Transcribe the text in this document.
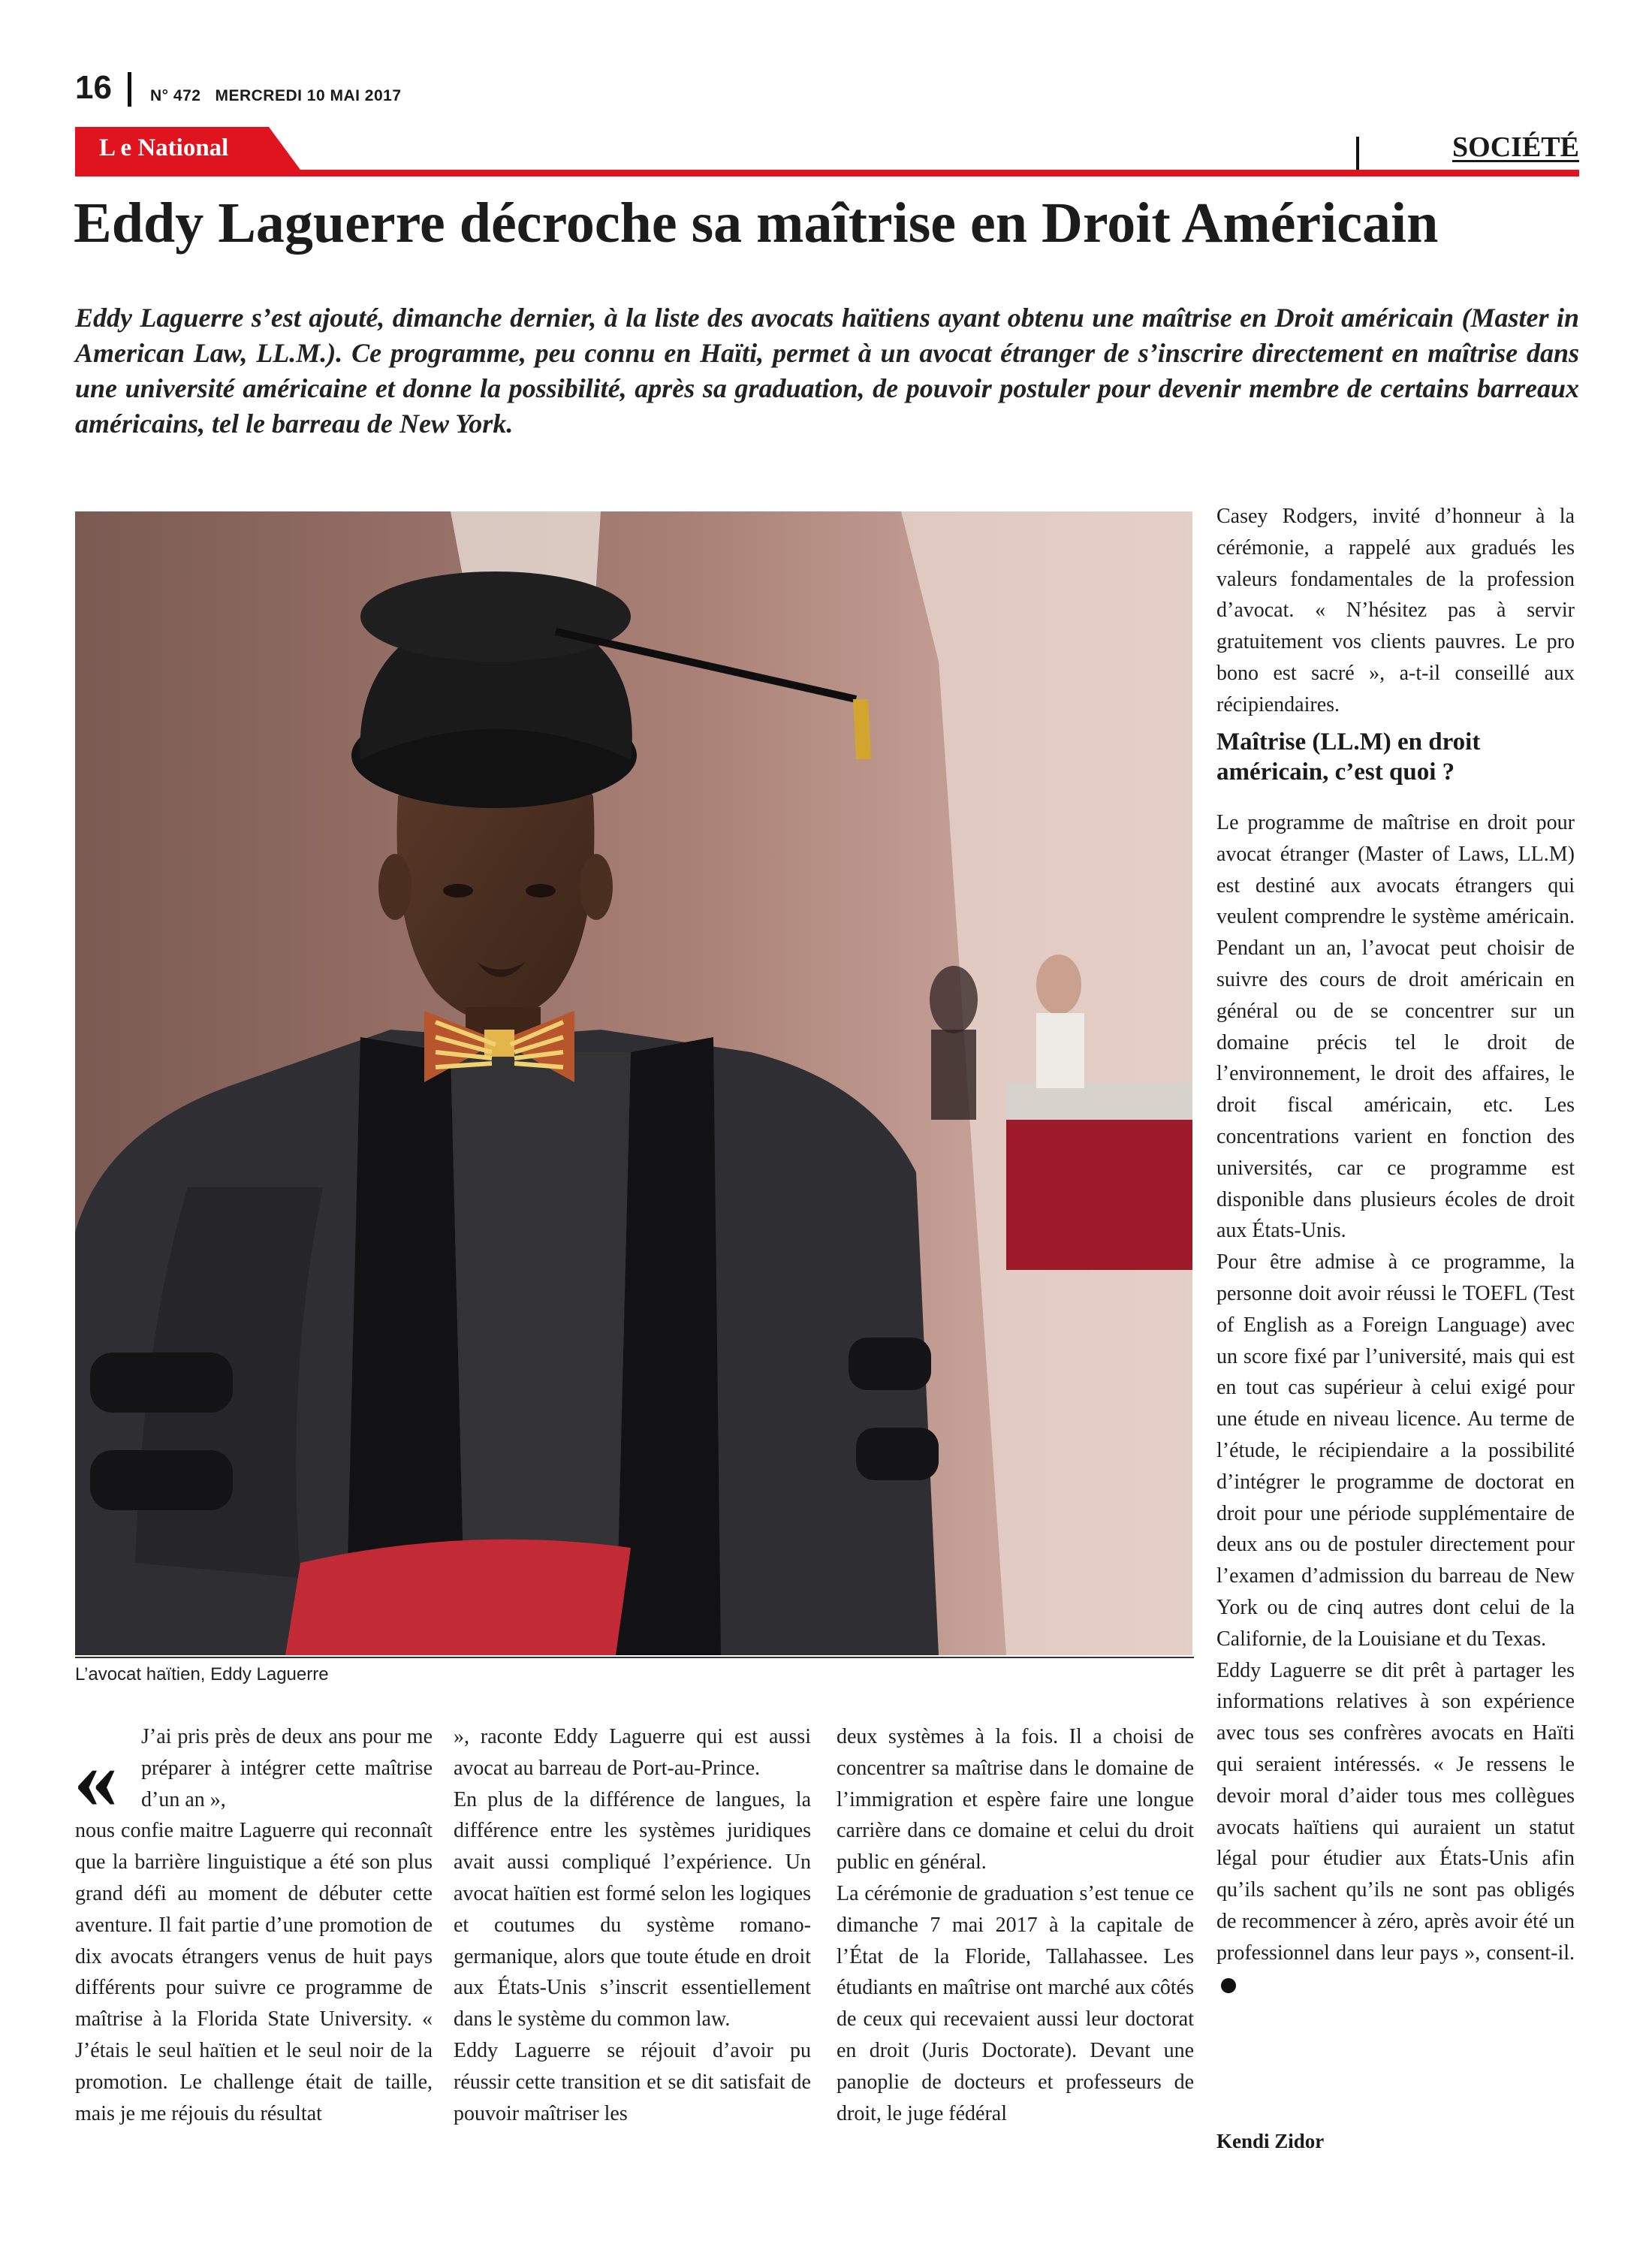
16 N° 472 MERCREDI 10 MAI 2017
L e National	SOCIÉTÉ
Eddy Laguerre décroche sa maîtrise en Droit Américain
Eddy Laguerre s’est ajouté, dimanche dernier, à la liste des avocats haïtiens ayant obtenu une maîtrise en Droit américain (Master in American Law, LL.M.). Ce programme, peu connu en Haïti, permet à un avocat étranger de s’inscrire directement en maîtrise dans une université américaine et donne la possibilité, après sa graduation, de pouvoir postuler pour devenir membre de certains barreaux américains, tel le barreau de New York.
L’avocat haïtien, Eddy Laguerre
«	J’ai pris près de deux ans pour me préparer à intégrer cette maîtrise d’un an »,

nous confie maitre Laguerre qui reconnaît que la barrière linguistique a été son plus grand défi au moment de débuter cette aventure. Il fait partie d’une promotion de dix avocats étrangers venus de huit pays différents pour suivre ce programme de maîtrise à la Florida State University. « J’étais le seul haïtien et le seul noir de la promotion. Le challenge était de taille, mais je me réjouis du résultat

», raconte Eddy Laguerre qui est aussi avocat au barreau de Port-au-Prince.

En plus de la différence de langues, la différence entre les systèmes juridiques avait aussi compliqué l’expérience. Un avocat haïtien est formé selon les logiques et coutumes du système romano-germanique, alors que toute étude en droit aux États-Unis s’inscrit essentiellement dans le système du common law.

Eddy Laguerre se réjouit d’avoir pu réussir cette transition et se dit satisfait de pouvoir maîtriser les

deux systèmes à la fois. Il a choisi de concentrer sa maîtrise dans le domaine de l’immigration et espère faire une longue carrière dans ce domaine et celui du droit public en général.

La cérémonie de graduation s’est tenue ce dimanche 7 mai 2017 à la capitale de l’État de la Floride, Tallahassee. Les étudiants en maîtrise ont marché aux côtés de ceux qui recevaient aussi leur doctorat en droit (Juris Doctorate). Devant une panoplie de docteurs et professeurs de droit, le juge fédéral

Casey Rodgers, invité d’honneur à la cérémonie, a rappelé aux gradués les valeurs fondamentales de la profession d’avocat. « N’hésitez pas à servir gratuitement vos clients pauvres. Le pro bono est sacré », a-t-il conseillé aux récipiendaires.

Maîtrise (LL.M) en droit américain, c’est quoi ?

Le programme de maîtrise en droit pour avocat étranger (Master of Laws, LL.M) est destiné aux avocats étrangers qui veulent comprendre le système américain. Pendant un an, l’avocat peut choisir de suivre des cours de droit américain en général ou de se concentrer sur un domaine précis tel le droit de l’environnement, le droit des affaires, le droit fiscal américain, etc. Les concentrations varient en fonction des universités, car ce programme est disponible dans plusieurs écoles de droit aux États-Unis.

Pour être admise à ce programme, la personne doit avoir réussi le TOEFL (Test of English as a Foreign Language) avec un score fixé par l’université, mais qui est en tout cas supérieur à celui exigé pour une étude en niveau licence. Au terme de l’étude, le récipiendaire a la possibilité d’intégrer le programme de doctorat en droit pour une période supplémentaire de deux ans ou de postuler directement pour l’examen d’admission du barreau de New York ou de cinq autres dont celui de la Californie, de la Louisiane et du Texas.

Eddy Laguerre se dit prêt à partager les informations relatives à son expérience avec tous ses confrères avocats en Haïti qui seraient intéressés. « Je ressens le devoir moral d’aider tous mes collègues avocats haïtiens qui auraient un statut légal pour étudier aux États-Unis afin qu’ils sachent qu’ils ne sont pas obligés de recommencer à zéro, après avoir été un professionnel dans leur pays », consent-il.

Kendi Zidor
